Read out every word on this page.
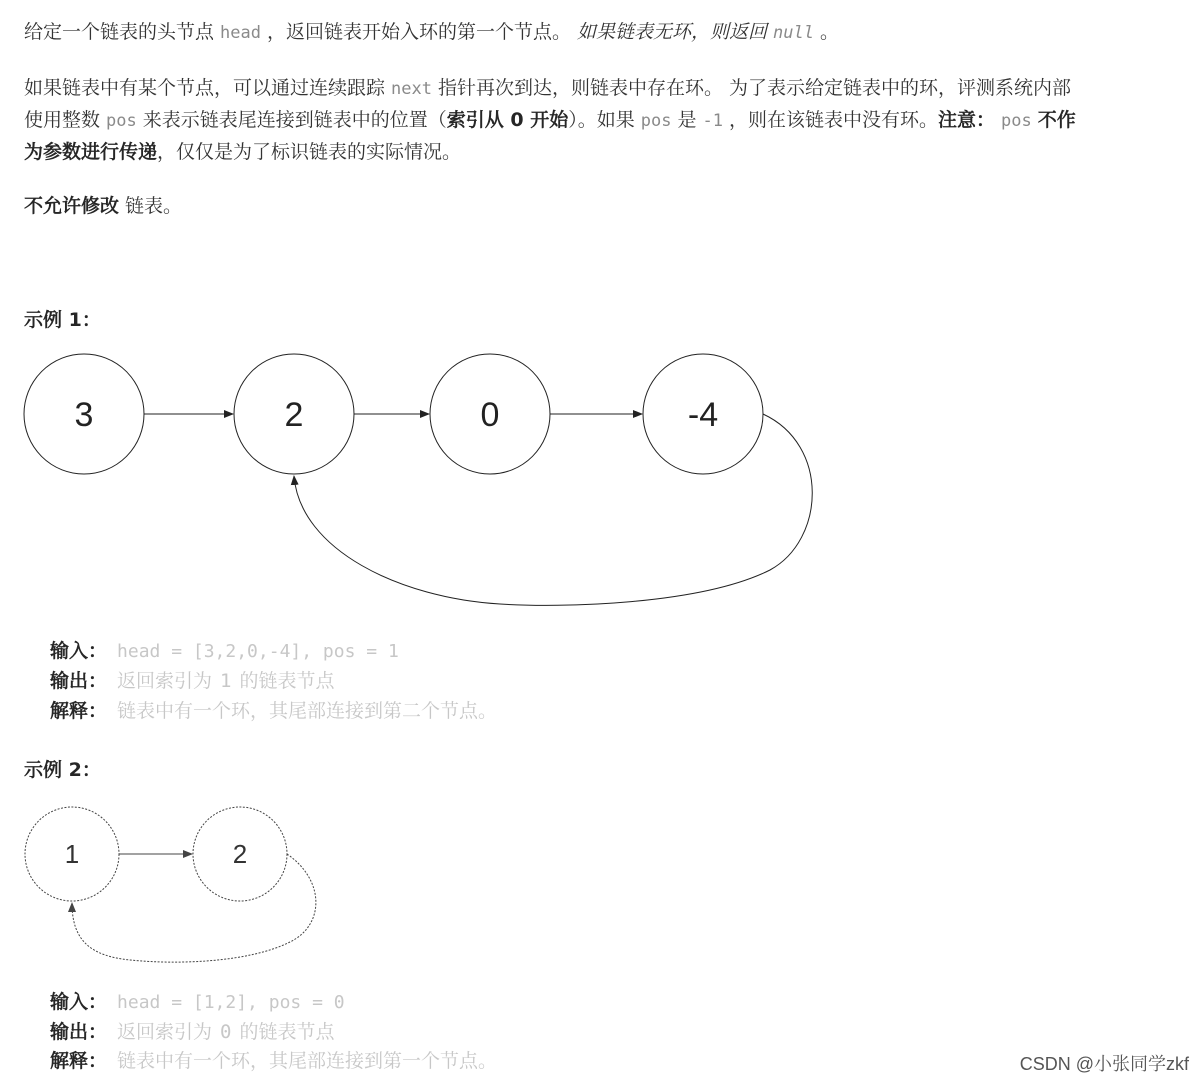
给定一个链表的头节点 head ，返回链表开始入环的第一个节点。 如果链表无环，则返回 null 。

如果链表中有某个节点，可以通过连续跟踪 next 指针再次到达，则链表中存在环。 为了表示给定链表中的环，评测系统内部

使用整数 pos 来表示链表尾连接到链表中的位置（索引从 0 开始）。如果 pos 是 -1 ，则在该链表中没有环。注意： pos 不作

为参数进行传递，仅仅是为了标识链表的实际情况。

不允许修改 链表。

示例 1：
3	2	0	-4
输入： head = [3,2,0,-4], pos = 1
输出： 返回索引为 1 的链表节点
解释： 链表中有一个环，其尾部连接到第二个节点。
示例 2：
1	2
输入： head = [1,2], pos = 0
输出： 返回索引为 0 的链表节点
解释： 链表中有一个环，其尾部连接到第一个节点。	CSDN @小张同学zkf
